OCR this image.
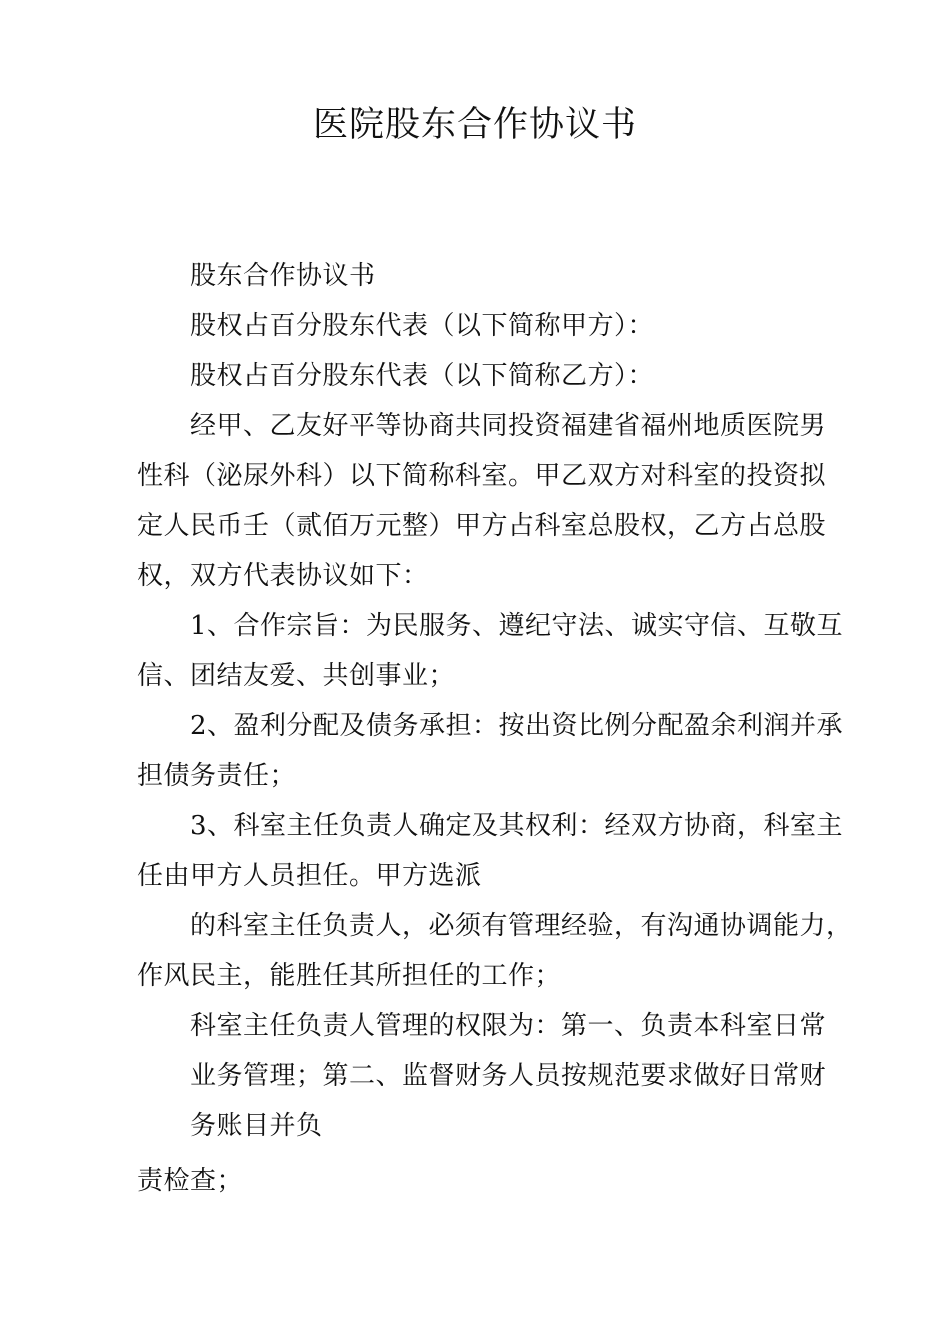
医院股东合作协议书

股东合作协议书

股权占百分股东代表（以下简称甲方）：

股权占百分股东代表（以下简称乙方）：

经甲、乙友好平等协商共同投资福建省福州地质医院男

性科（泌尿外科）以下简称科室。甲乙双方对科室的投资拟

定人民币壬（贰佰万元整）甲方占科室总股权，乙方占总股

权，双方代表协议如下：

1、合作宗旨：为民服务、遵纪守法、诚实守信、互敬互

信、团结友爱、共创事业；

2、盈利分配及债务承担：按出资比例分配盈余利润并承

担债务责任；

3、科室主任负责人确定及其权利：经双方协商，科室主

任由甲方人员担任。甲方选派

的科室主任负责人，必须有管理经验，有沟通协调能力，

作风民主，能胜任其所担任的工作；

科室主任负责人管理的权限为：第一、负责本科室日常

业务管理；第二、监督财务人员按规范要求做好日常财

务账目并负

责检查；
